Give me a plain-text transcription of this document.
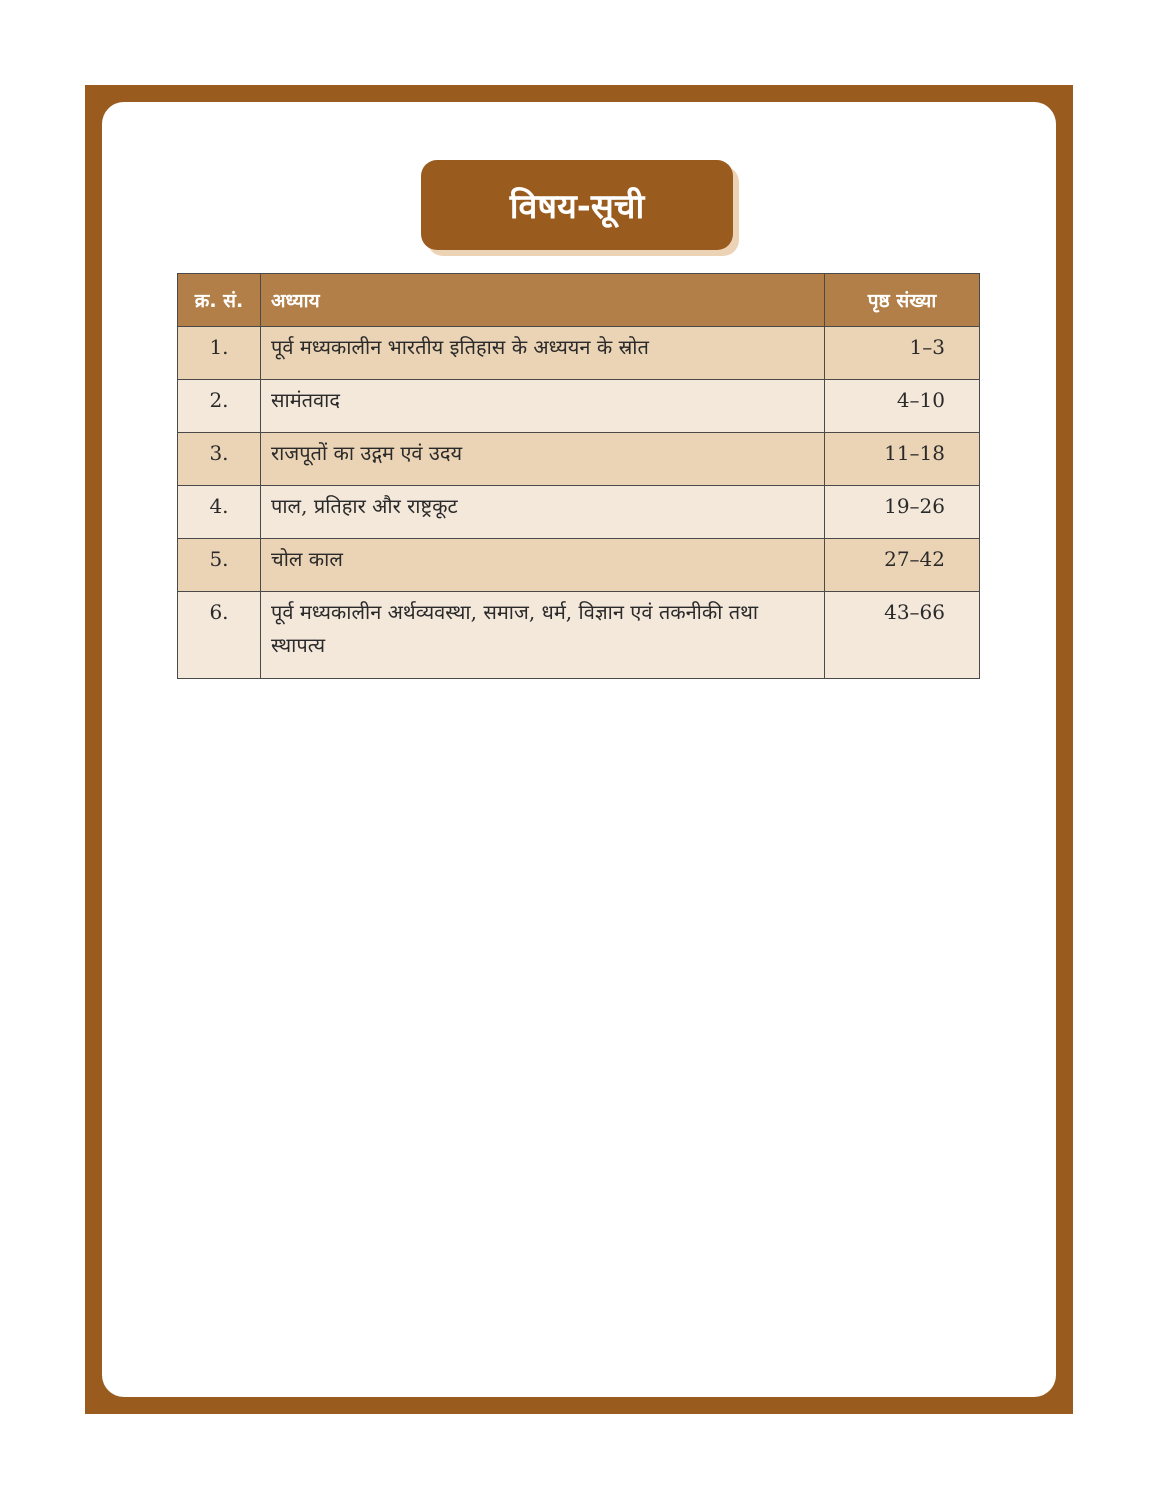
विषय-सूची
क्र. सं.	अध्याय	पृष्ठ संख्या

1.	पूर्व मध्यकालीन भारतीय इतिहास के अध्ययन के स्रोत	1–3

2.	सामंतवाद	4–10

3.	राजपूतों का उद्गम एवं उदय	11–18

4.	पाल, प्रतिहार और राष्ट्रकूट	19–26

5.	चोल काल	27–42

6.	पूर्व मध्यकालीन अर्थव्यवस्था, समाज, धर्म, विज्ञान एवं तकनीकी तथा स्थापत्य	43–66
